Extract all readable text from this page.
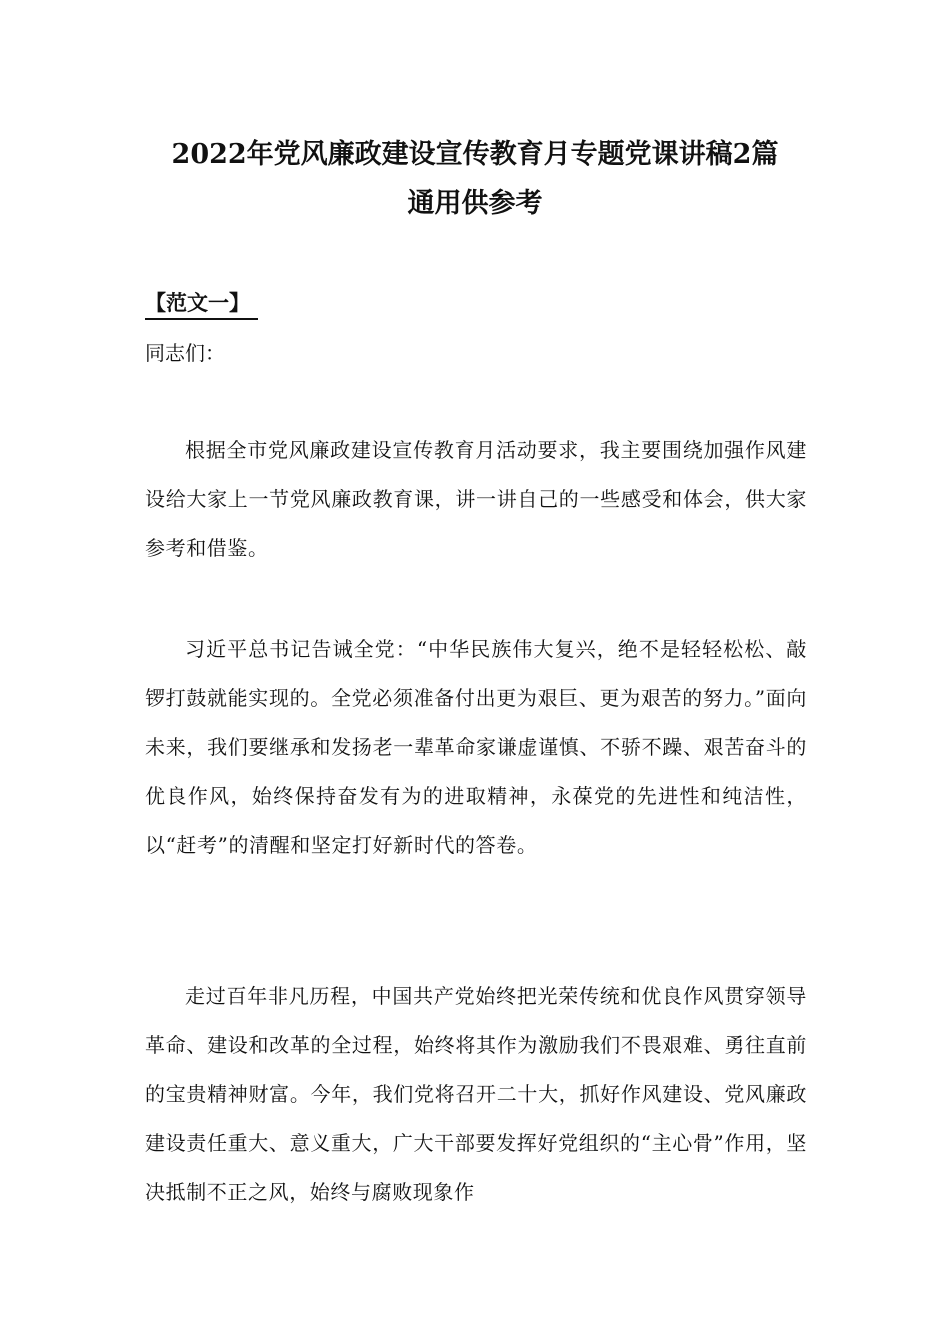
2022年党风廉政建设宣传教育月专题党课讲稿2篇
通用供参考
【范文一】
同志们：

根据全市党风廉政建设宣传教育月活动要求，我主要围绕加强作风建设给大家上一节党风廉政教育课，讲一讲自己的一些感受和体会，供大家参考和借鉴。

习近平总书记告诫全党：“中华民族伟大复兴，绝不是轻轻松松、敲锣打鼓就能实现的。全党必须准备付出更为艰巨、更为艰苦的努力。”面向未来，我们要继承和发扬老一辈革命家谦虚谨慎、不骄不躁、艰苦奋斗的优良作风，始终保持奋发有为的进取精神，永葆党的先进性和纯洁性，以“赶考”的清醒和坚定打好新时代的答卷。

走过百年非凡历程，中国共产党始终把光荣传统和优良作风贯穿领导革命、建设和改革的全过程，始终将其作为激励我们不畏艰难、勇往直前的宝贵精神财富。今年，我们党将召开二十大，抓好作风建设、党风廉政建设责任重大、意义重大，广大干部要发挥好党组织的“主心骨”作用，坚决抵制不正之风，始终与腐败现象作
